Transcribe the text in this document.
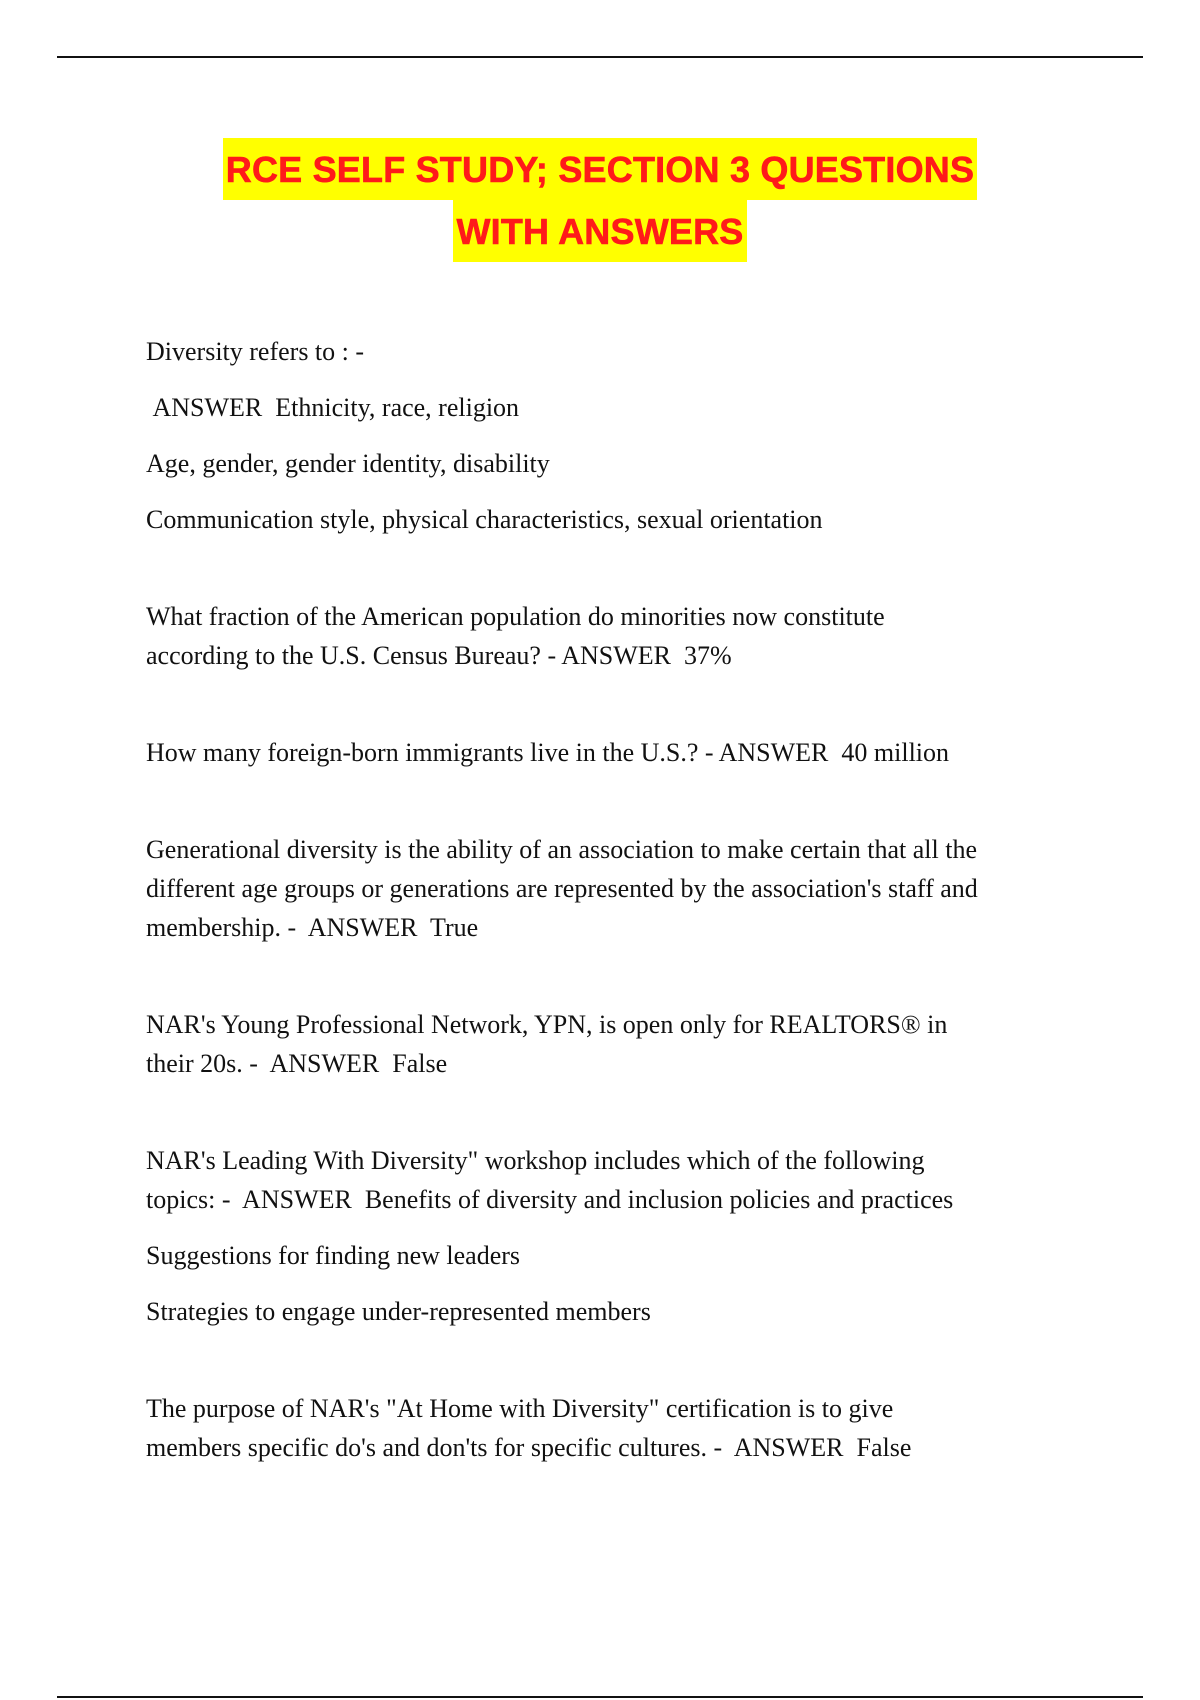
RCE SELF STUDY; SECTION 3 QUESTIONS
WITH ANSWERS

Diversity refers to : -

ANSWER  Ethnicity, race, religion

Age, gender, gender identity, disability

Communication style, physical characteristics, sexual orientation

What fraction of the American population do minorities now constitute

according to the U.S. Census Bureau? - ANSWER  37%

How many foreign-born immigrants live in the U.S.? - ANSWER  40 million

Generational diversity is the ability of an association to make certain that all the

different age groups or generations are represented by the association's staff and

membership. -  ANSWER  True

NAR's Young Professional Network, YPN, is open only for REALTORS® in

their 20s. -  ANSWER  False

NAR's Leading With Diversity" workshop includes which of the following

topics: -  ANSWER  Benefits of diversity and inclusion policies and practices

Suggestions for finding new leaders

Strategies to engage under-represented members

The purpose of NAR's "At Home with Diversity" certification is to give

members specific do's and don'ts for specific cultures. -  ANSWER  False
